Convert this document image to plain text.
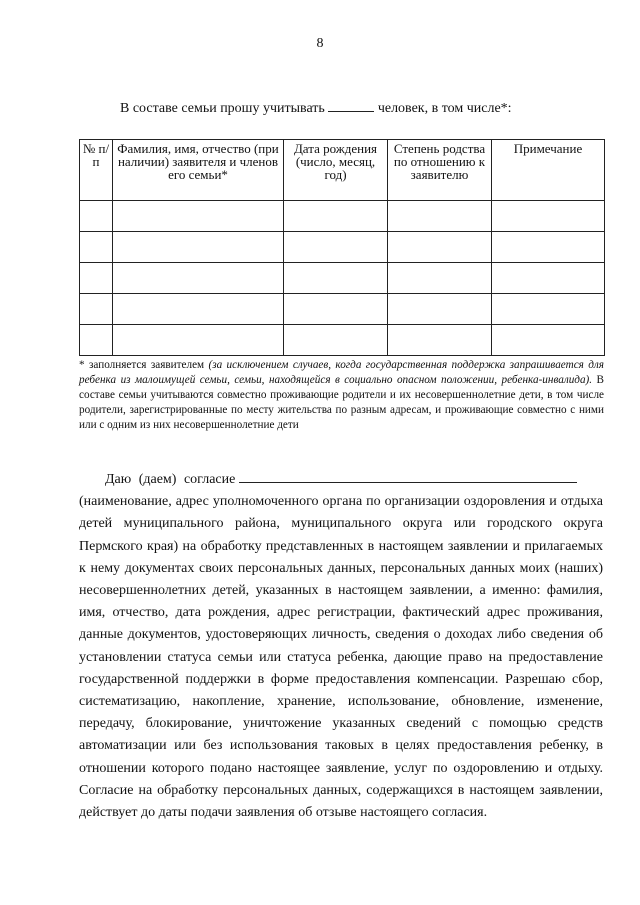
8
В составе семьи прошу учитывать	человек, в том числе*:
№ п/п	Фамилия, имя, отчество (при наличии) заявителя и членов его семьи*	Дата рождения (число, месяц, год)	Степень родства по отношению к заявителю	Примечание

* заполняется заявителем (за исключением случаев, когда государственная поддержка запрашивается для ребенка из малоимущей семьи, семьи, находящейся в социально опасном положении, ребенка-инвалида). В составе семьи учитываются совместно проживающие родители и их несовершеннолетние дети, в том числе родители, зарегистрированные по месту жительства по разным адресам, и проживающие совместно с ними или с одним из них несовершеннолетние дети
Даю (даем) согласие
(наименование, адрес уполномоченного органа по организации оздоровления и отдыха детей муниципального района, муниципального округа или городского округа Пермского края) на обработку представленных в настоящем заявлении и прилагаемых к нему документах своих персональных данных, персональных данных моих (наших) несовершеннолетних детей, указанных в настоящем заявлении, а именно: фамилия, имя, отчество, дата рождения, адрес регистрации, фактический адрес проживания, данные документов, удостоверяющих личность, сведения о доходах либо сведения об установлении статуса семьи или статуса ребенка, дающие право на предоставление государственной поддержки в форме предоставления компенсации. Разрешаю сбор, систематизацию, накопление, хранение, использование, обновление, изменение, передачу, блокирование, уничтожение указанных сведений с помощью средств автоматизации или без использования таковых в целях предоставления ребенку, в отношении которого подано настоящее заявление, услуг по оздоровлению и отдыху. Согласие на обработку персональных данных, содержащихся в настоящем заявлении, действует до даты подачи заявления об отзыве настоящего согласия.
